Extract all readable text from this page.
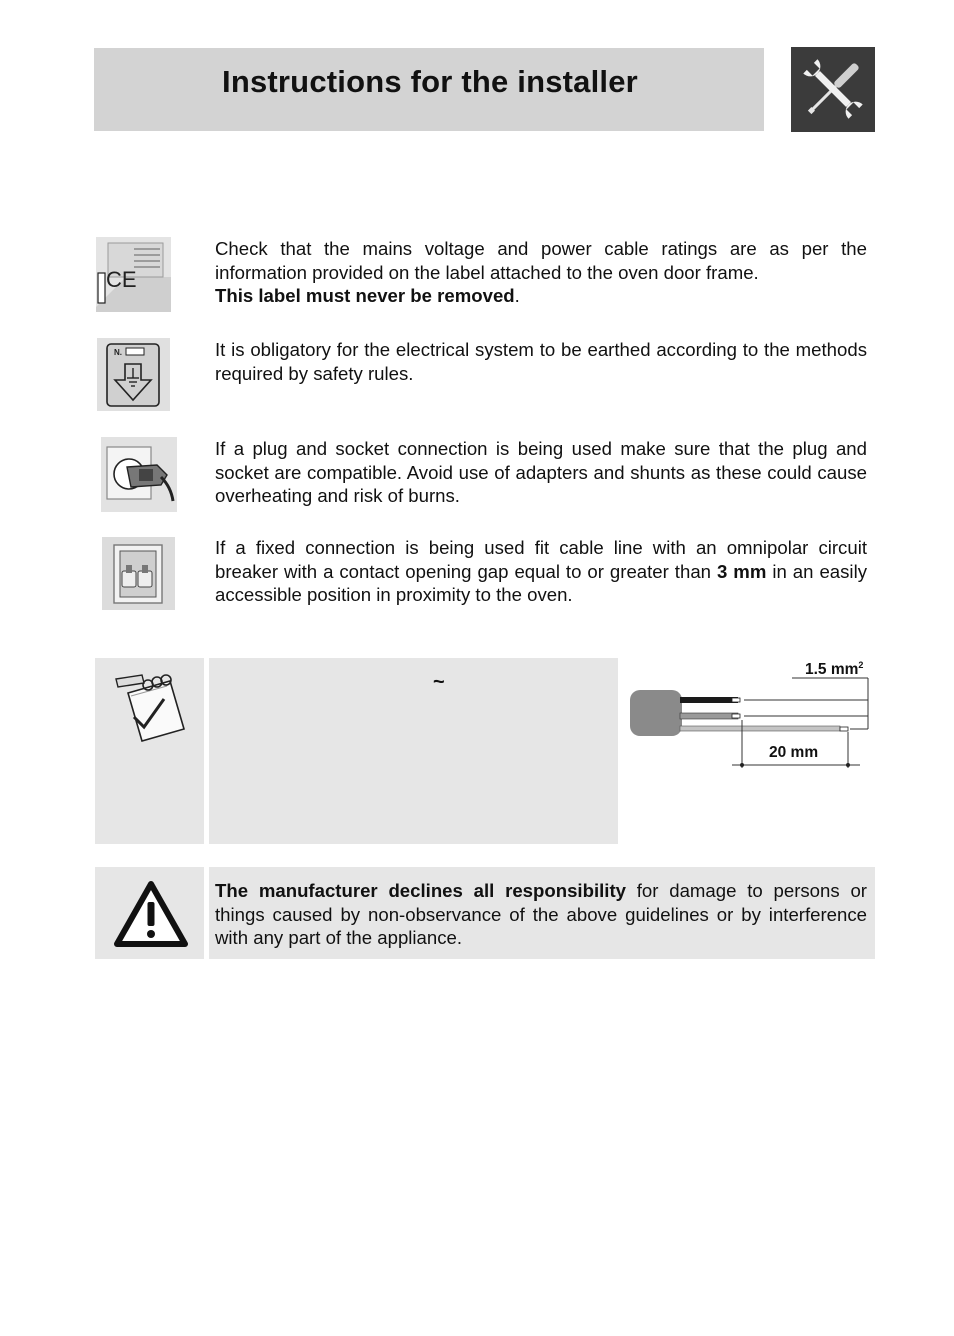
Instructions for the installer
CE
Check that the mains voltage and power cable ratings are as per the information provided on the label attached to the oven door frame.
This label must never be removed.
N.	It is obligatory for the electrical system to be earthed according to the methods required by safety rules.
If a plug and socket connection is being used make sure that the plug and socket are compatible. Avoid use of adapters and shunts as these could cause overheating and risk of burns.
If a fixed connection is being used fit cable line with an omnipolar circuit breaker with a contact opening gap equal to or greater than 3 mm in an easily accessible position in proximity to the oven.
~
1.5 $mm^2$
20 mm
The manufacturer declines all responsibility for damage to persons or things caused by non-observance of the above guidelines or by interference with any part of the appliance.
